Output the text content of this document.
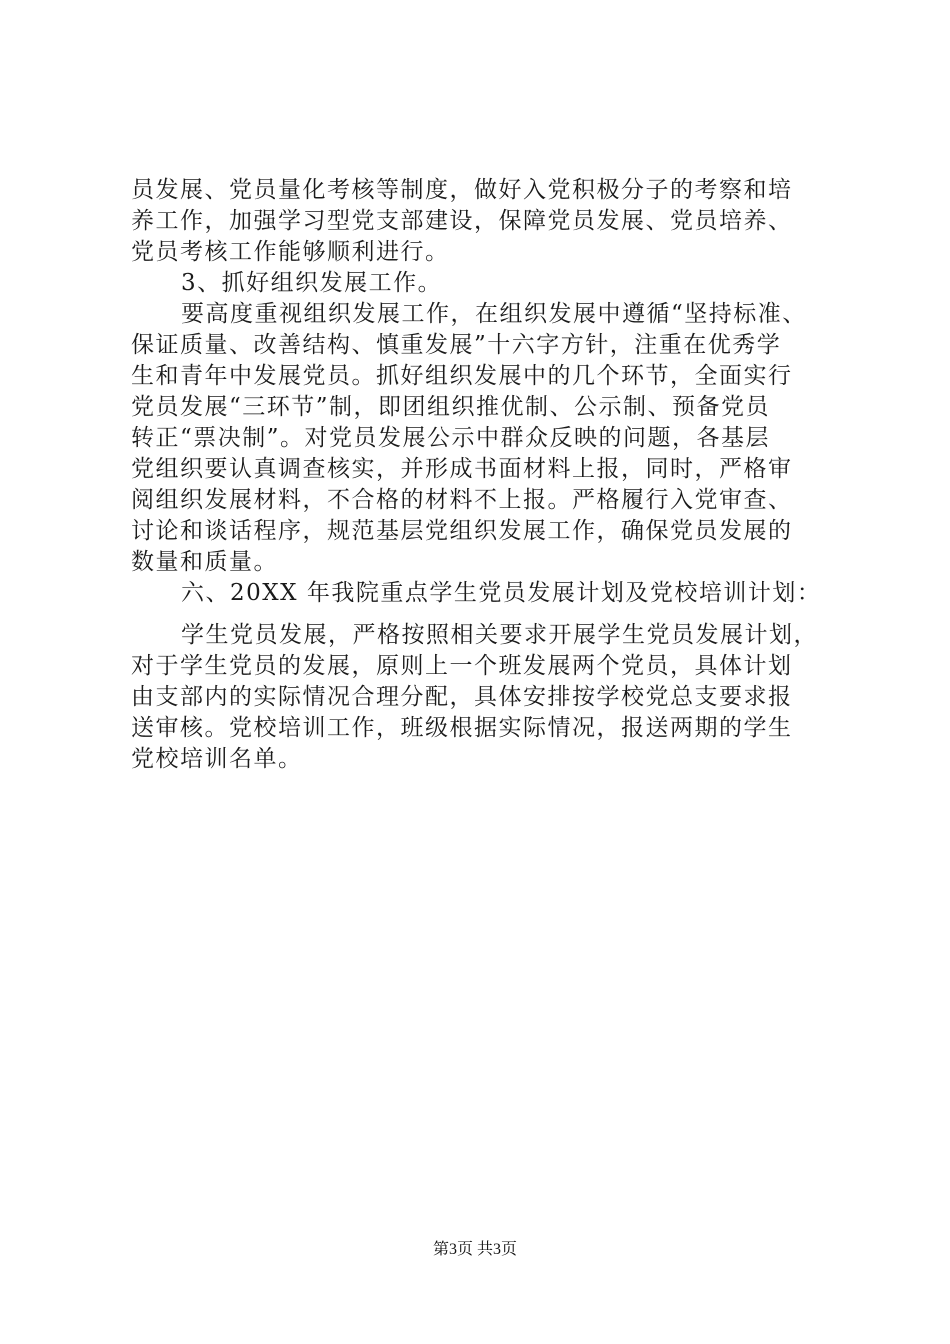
员发展、党员量化考核等制度，做好入党积极分子的考察和培
养工作，加强学习型党支部建设，保障党员发展、党员培养、
党员考核工作能够顺利进行。
3、抓好组织发展工作。
要高度重视组织发展工作，在组织发展中遵循“坚持标准、
保证质量、改善结构、慎重发展”十六字方针，注重在优秀学
生和青年中发展党员。抓好组织发展中的几个环节，全面实行
党员发展“三环节”制，即团组织推优制、公示制、预备党员
转正“票决制”。对党员发展公示中群众反映的问题，各基层
党组织要认真调查核实，并形成书面材料上报，同时，严格审
阅组织发展材料，不合格的材料不上报。严格履行入党审查、
讨论和谈话程序，规范基层党组织发展工作，确保党员发展的
数量和质量。
六、20XX 年我院重点学生党员发展计划及党校培训计划：
学生党员发展，严格按照相关要求开展学生党员发展计划，
对于学生党员的发展，原则上一个班发展两个党员，具体计划
由支部内的实际情况合理分配，具体安排按学校党总支要求报
送审核。党校培训工作，班级根据实际情况，报送两期的学生
党校培训名单。
第3页 共3页
